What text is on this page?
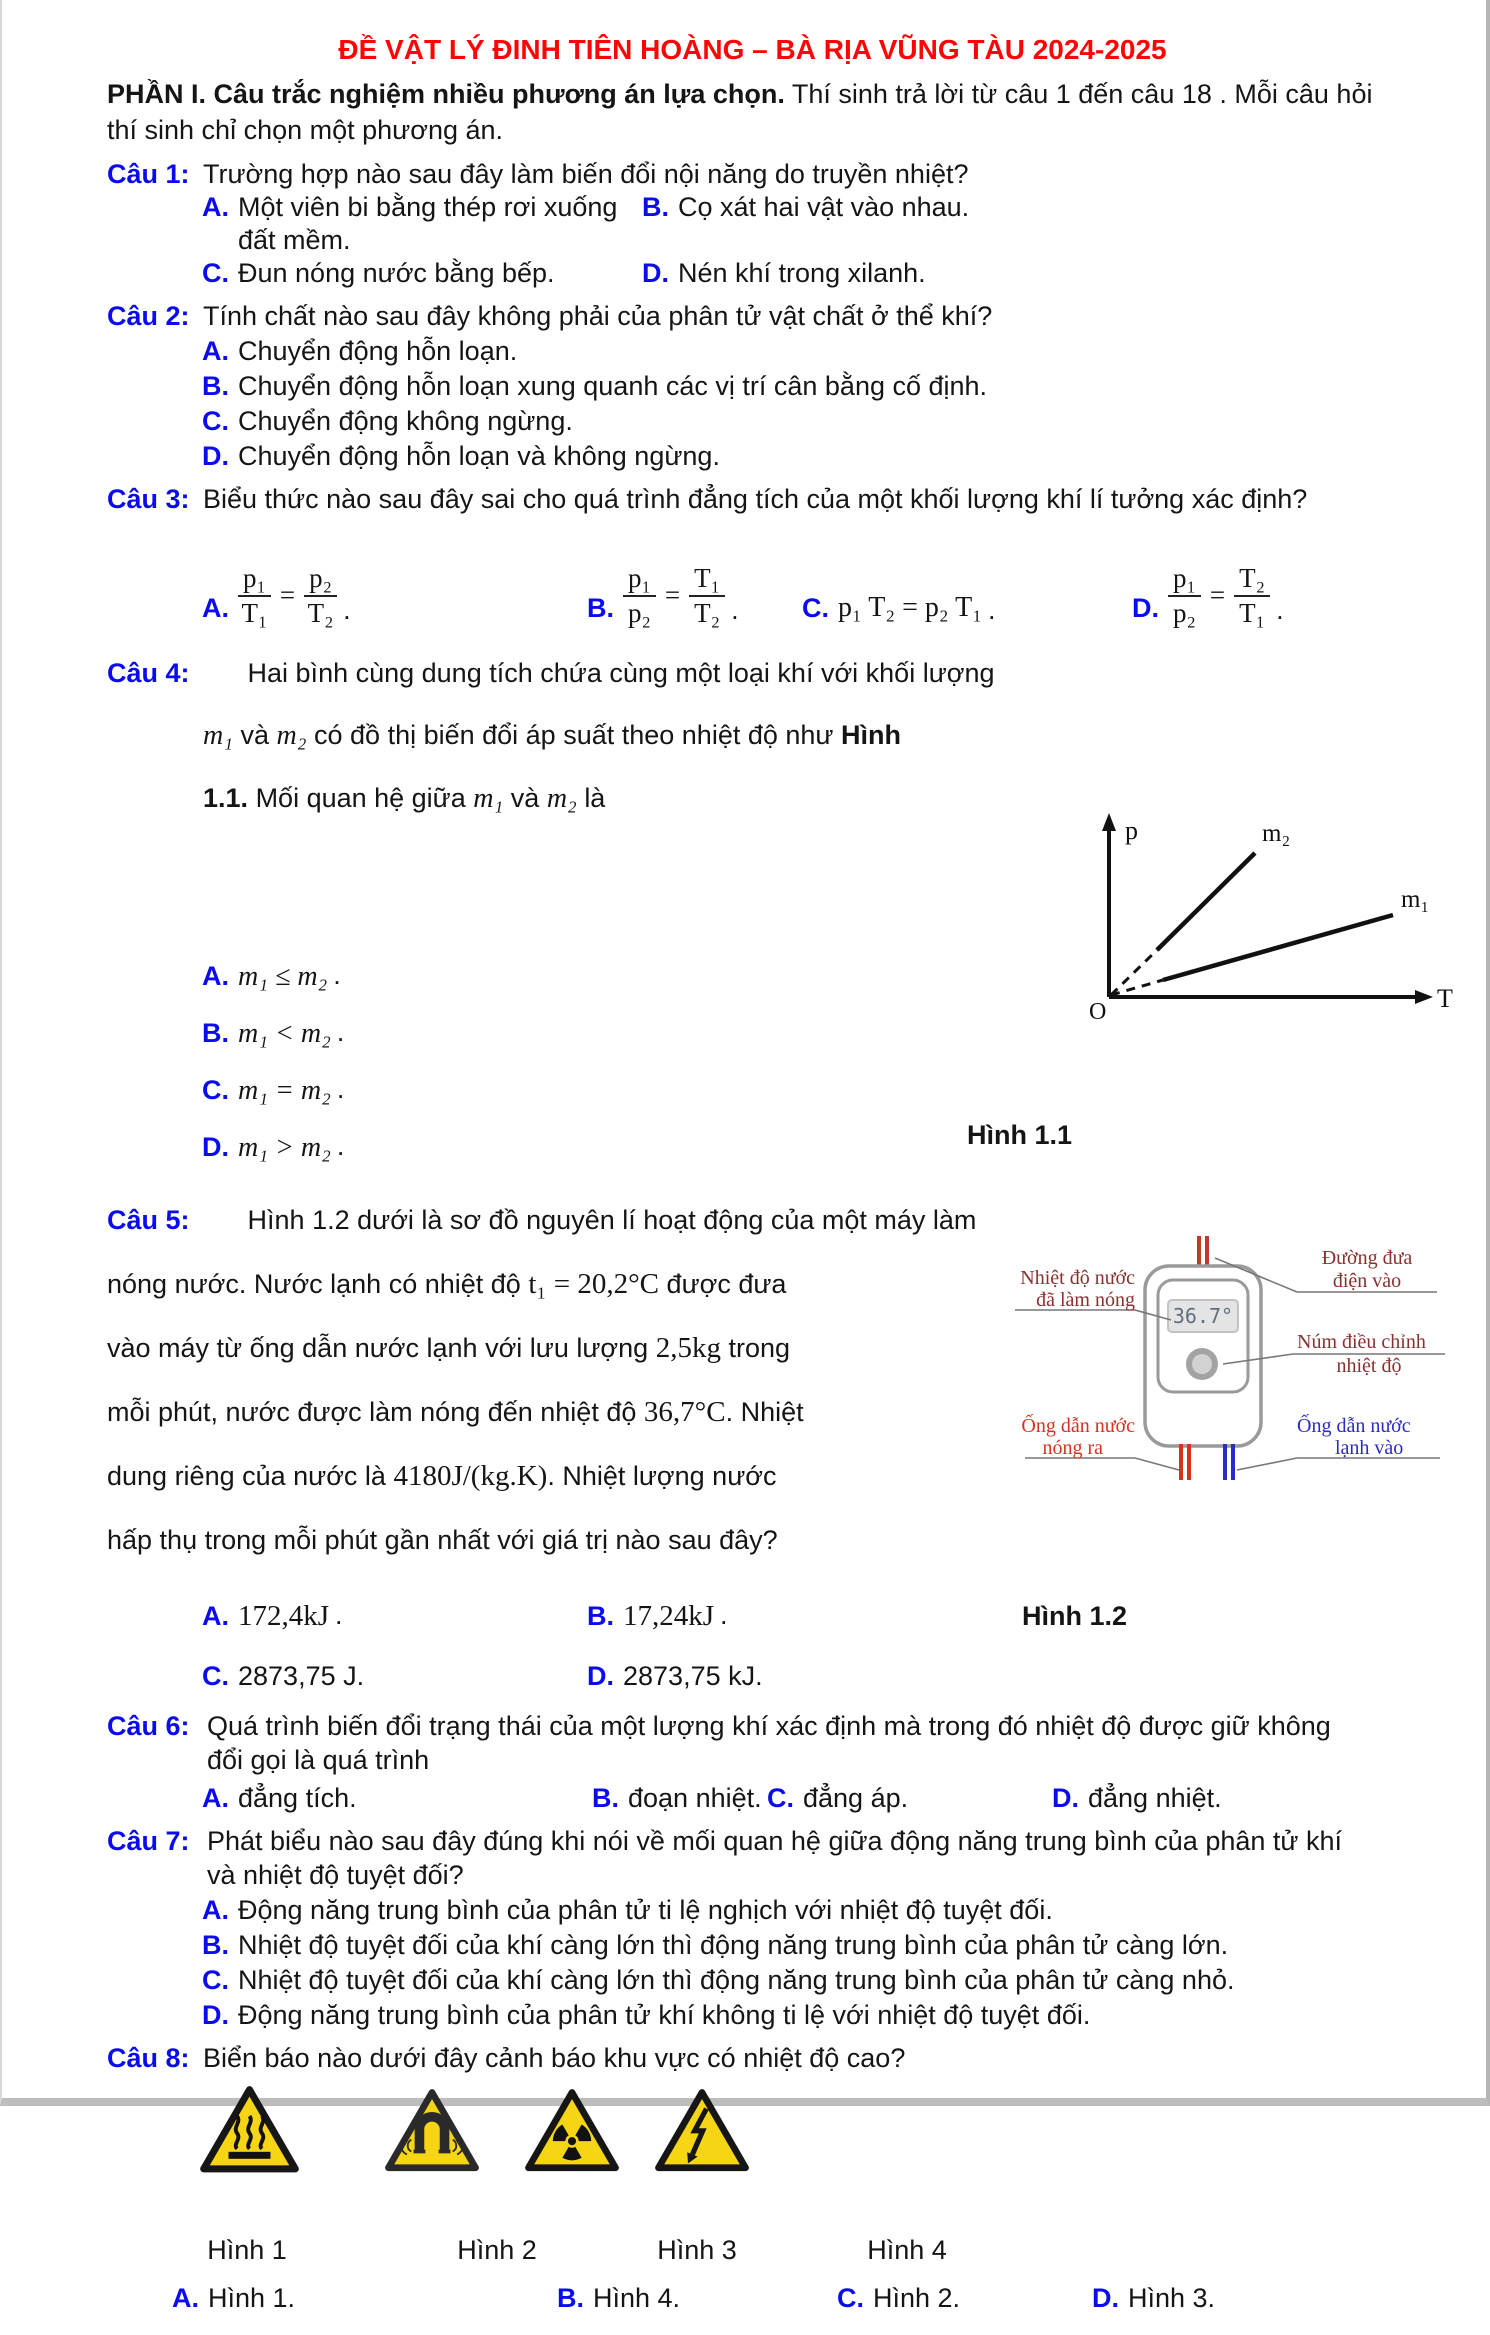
ĐỀ VẬT LÝ ĐINH TIÊN HOÀNG – BÀ RỊA VŨNG TÀU 2024-2025
PHẦN I. Câu trắc nghiệm nhiều phương án lựa chọn. Thí sinh trả lời từ câu 1 đến câu 18 . Mỗi câu hỏi
thí sinh chỉ chọn một phương án.
Câu 1: Trường hợp nào sau đây làm biến đổi nội năng do truyền nhiệt?
A. Một viên bi bằng thép rơi xuống đất mềm.
B. Cọ xát hai vật vào nhau.
C. Đun nóng nước bằng bếp.	D. Nén khí trong xilanh.
Câu 2: Tính chất nào sau đây không phải của phân tử vật chất ở thể khí?
A. Chuyển động hỗn loạn.
B. Chuyển động hỗn loạn xung quanh các vị trí cân bằng cố định.
C. Chuyển động không ngừng.
D. Chuyển động hỗn loạn và không ngừng.
Câu 3: Biểu thức nào sau đây sai cho quá trình đẳng tích của một khối lượng khí lí tưởng xác định?
A. $\frac{\text{p₁}}{\text{T₁}} = \frac{\text{p₂}}{\text{T₂}}$ .	B. $\frac{\text{p₁}}{\text{p₂}} = \frac{\text{T₁}}{\text{T₂}}$ . C. p₁ T₂ = p₂ T₁ .	D. $\frac{\text{p₁}}{\text{p₂}} = \frac{\text{T₂}}{\text{T₁}}$ .
Câu 4: Hai bình cùng dung tích chứa cùng một loại khí với khối lượng
m₁ và m₂ có đồ thị biến đổi áp suất theo nhiệt độ như Hình
1.1. Mối quan hệ giữa m₁ và m₂ là
A. m₁ ≤ m₂ .
B. m₁ < m₂ .
C. m₁ = m₂ .
D. m₁ > m₂ .	Hình 1.1
p
T
O
m₂
m₁
Câu 5: Hình 1.2 dưới là sơ đồ nguyên lí hoạt động của một máy làm
nóng nước. Nước lạnh có nhiệt độ t₁ = 20,2°C được đưa
vào máy từ ống dẫn nước lạnh với lưu lượng 2,5kg trong
mỗi phút, nước được làm nóng đến nhiệt độ 36,7°C. Nhiệt
dung riêng của nước là 4180J/(kg.K). Nhiệt lượng nước
hấp thụ trong mỗi phút gần nhất với giá trị nào sau đây?
A. 172,4kJ .	B. 17,24kJ .	Hình 1.2
C. 2873,75 J.	D. 2873,75 kJ.
36.7°
Nhiệt độ nước
đã làm nóng
Đường đưa
điện vào
Núm điều chỉnh
nhiệt độ
Ống dẫn nước
nóng ra
Ống dẫn nước
lạnh vào
Câu 6: Quá trình biến đổi trạng thái của một lượng khí xác định mà trong đó nhiệt độ được giữ không
đổi gọi là quá trình
A. đẳng tích.	B. đoạn nhiệt. C. đẳng áp.	D. đẳng nhiệt.
Câu 7: Phát biểu nào sau đây đúng khi nói về mối quan hệ giữa động năng trung bình của phân tử khí
và nhiệt độ tuyệt đối?
A. Động năng trung bình của phân tử ti lệ nghịch với nhiệt độ tuyệt đối.
B. Nhiệt độ tuyệt đối của khí càng lớn thì động năng trung bình của phân tử càng lớn.
C. Nhiệt độ tuyệt đối của khí càng lớn thì động năng trung bình của phân tử càng nhỏ.
D. Động năng trung bình của phân tử khí không ti lệ với nhiệt độ tuyệt đối.
Câu 8: Biển báo nào dưới đây cảnh báo khu vực có nhiệt độ cao?
Hình 1	Hình 2	Hình 3	Hình 4
A. Hình 1.	B. Hình 4.	C. Hình 2.	D. Hình 3.
